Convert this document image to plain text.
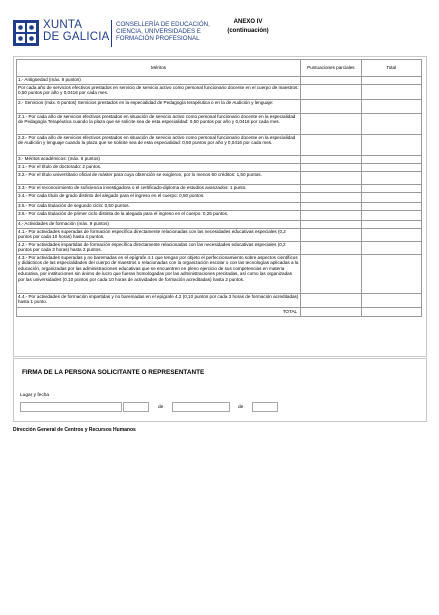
XUNTA
DE GALICIA
CONSELLERÍA DE EDUCACIÓN,
CIENCIA, UNIVERSIDADES E
FORMACIÓN PROFESIONAL
ANEXO IV
(continuación)
Méritos	Puntuaciones parciales	Total
1.- Antigüedad (máx. 8 puntos)		
Por cada año de servicios efectivos prestados en servicio de servicio activo como personal funcionario docente en el cuerpo de maestros: 0,50 puntos por año y 0,0416 por cada mes.		
2.- Servicios (máx. 6 puntos) Servicios prestados en la especialidad de Pedagogía terapéutica o en la de Audición y lenguaje:		
2.1.- Por cada año de servicios efectivos prestados en situación de servicio activo como personal funcionario docente en la especialidad de Pedagogía Terapéutica cuando la plaza que se solicite sea de esta especialidad: 0,50 puntos por año y 0,0416 por cada mes.		
2.2.- Por cada año de servicios efectivos prestados en situación de servicio activo como personal funcionario docente en la especialidad de Audición y lenguaje cuando la plaza que se solicite sea de esta especialidad: 0,50 puntos por año y 0,0416 por cada mes.		
3.- Méritos académicos: (máx. 6 puntos)		
3.1.- Por el título de doctorado: 2 puntos.		
3.2.- Por el título universitario oficial de máster para cuya obtención se exigieron, por lo menos 60 créditos: 1,50 puntos.		
3.3.- Por el reconocimiento de suficiencia investigadora o el certificado-diploma de estudios avanzados: 1 punto.		
3.4.- Por cada título de grado distinto del alegado para el ingreso en el cuerpo: 0,50 puntos.		
3.5.- Por cada titulación de segundo ciclo: 0,50 puntos.		
3.6.- Por cada titulación de primer ciclo distinta de la alegada para el ingreso en el cuerpo: 0,25 puntos.		
4.- Actividades de formación (máx. 9 puntos)		
4.1.- Por actividades superadas de formación específica directamente relacionadas con las necesidades educativas especiales (0,2 puntos por cada 10 horas) hasta 4 puntos.		
4.2.- Por actividades impartidas de formación específica directamente relacionadas con las necesidades educativas especiales (0,2 puntos por cada 3 horas) hasta 2 puntos.		
4.3.- Por actividades superadas y no baremadas en el epígrafe 4.1 que tengan por objeto el perfeccionamiento sobre aspectos científicos y didácticos de las especialidades del cuerpo de maestros o relacionadas con la organización escolar o con las tecnologías aplicadas a la educación, organizadas por las administraciones educativas que se encuentren en pleno ejercicio de sus competencias en materia educativa, por instituciones sin ánimo de lucro que fueran homologadas por las administraciones precitadas, así como las organizadas por las universidades (0,10 puntos por cada 10 horas de actividades de formación acreditadas) hasta 2 puntos.		
4.4.- Por actividades de formación impartidas y no baremadas en el epígrafe 4.2 (0,10 puntos por cada 3 horas de formación acreditadas) hasta 1 punto.		
TOTAL		
FIRMA DE LA PERSONA SOLICITANTE O REPRESENTANTE
Lugar y fecha
de	de
Dirección General de Centros y Recursos Humanos
